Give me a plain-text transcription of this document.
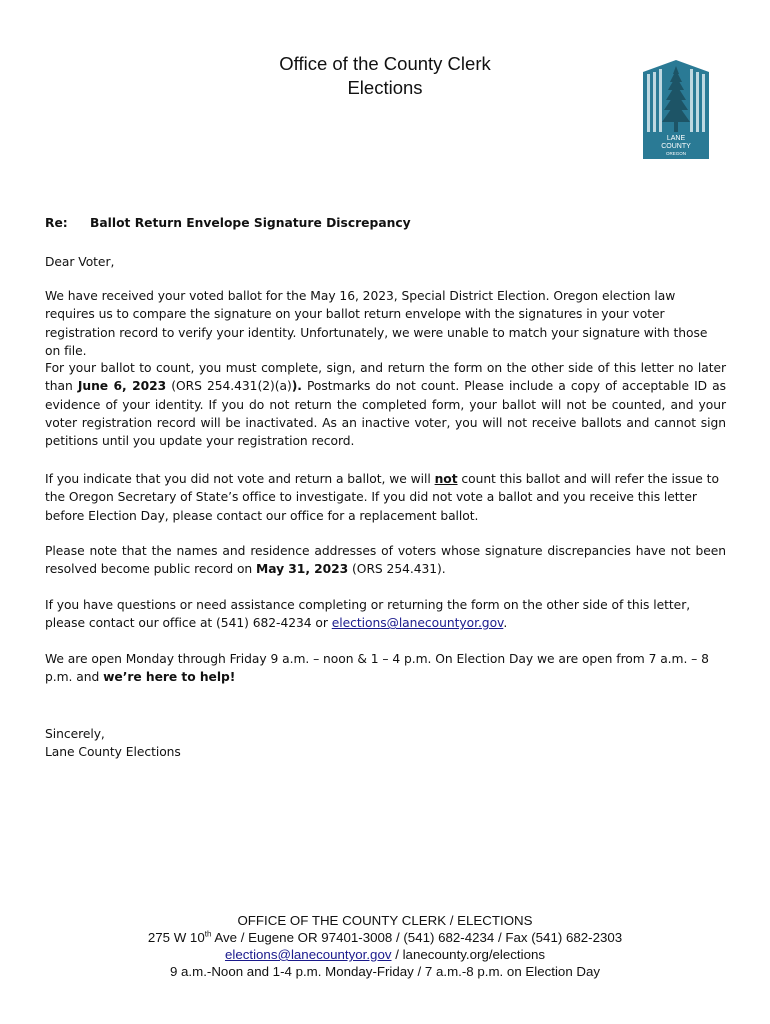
Office of the County Clerk
Elections
LANE
COUNTY
OREGON
Re: Ballot Return Envelope Signature Discrepancy

Dear Voter,

We have received your voted ballot for the May 16, 2023, Special District Election. Oregon election law requires us to compare the signature on your ballot return envelope with the signatures in your voter registration record to verify your identity. Unfortunately, we were unable to match your signature with those on file.

For your ballot to count, you must complete, sign, and return the form on the other side of this letter no later than June 6, 2023 (ORS 254.431(2)(a)). Postmarks do not count. Please include a copy of acceptable ID as evidence of your identity. If you do not return the completed form, your ballot will not be counted, and your voter registration record will be inactivated. As an inactive voter, you will not receive ballots and cannot sign petitions until you update your registration record.

If you indicate that you did not vote and return a ballot, we will not count this ballot and will refer the issue to the Oregon Secretary of State’s office to investigate. If you did not vote a ballot and you receive this letter before Election Day, please contact our office for a replacement ballot.

Please note that the names and residence addresses of voters whose signature discrepancies have not been resolved become public record on May 31, 2023 (ORS 254.431).

If you have questions or need assistance completing or returning the form on the other side of this letter, please contact our office at (541) 682-4234 or elections@lanecountyor.gov.

We are open Monday through Friday 9 a.m. – noon & 1 – 4 p.m. On Election Day we are open from 7 a.m. – 8 p.m. and we’re here to help!

Sincerely,

Lane County Elections

OFFICE OF THE COUNTY CLERK / ELECTIONS
275 W 10th Ave / Eugene OR 97401-3008 / (541) 682-4234 / Fax (541) 682-2303
elections@lanecountyor.gov / lanecounty.org/elections
9 a.m.-Noon and 1-4 p.m. Monday-Friday / 7 a.m.-8 p.m. on Election Day
